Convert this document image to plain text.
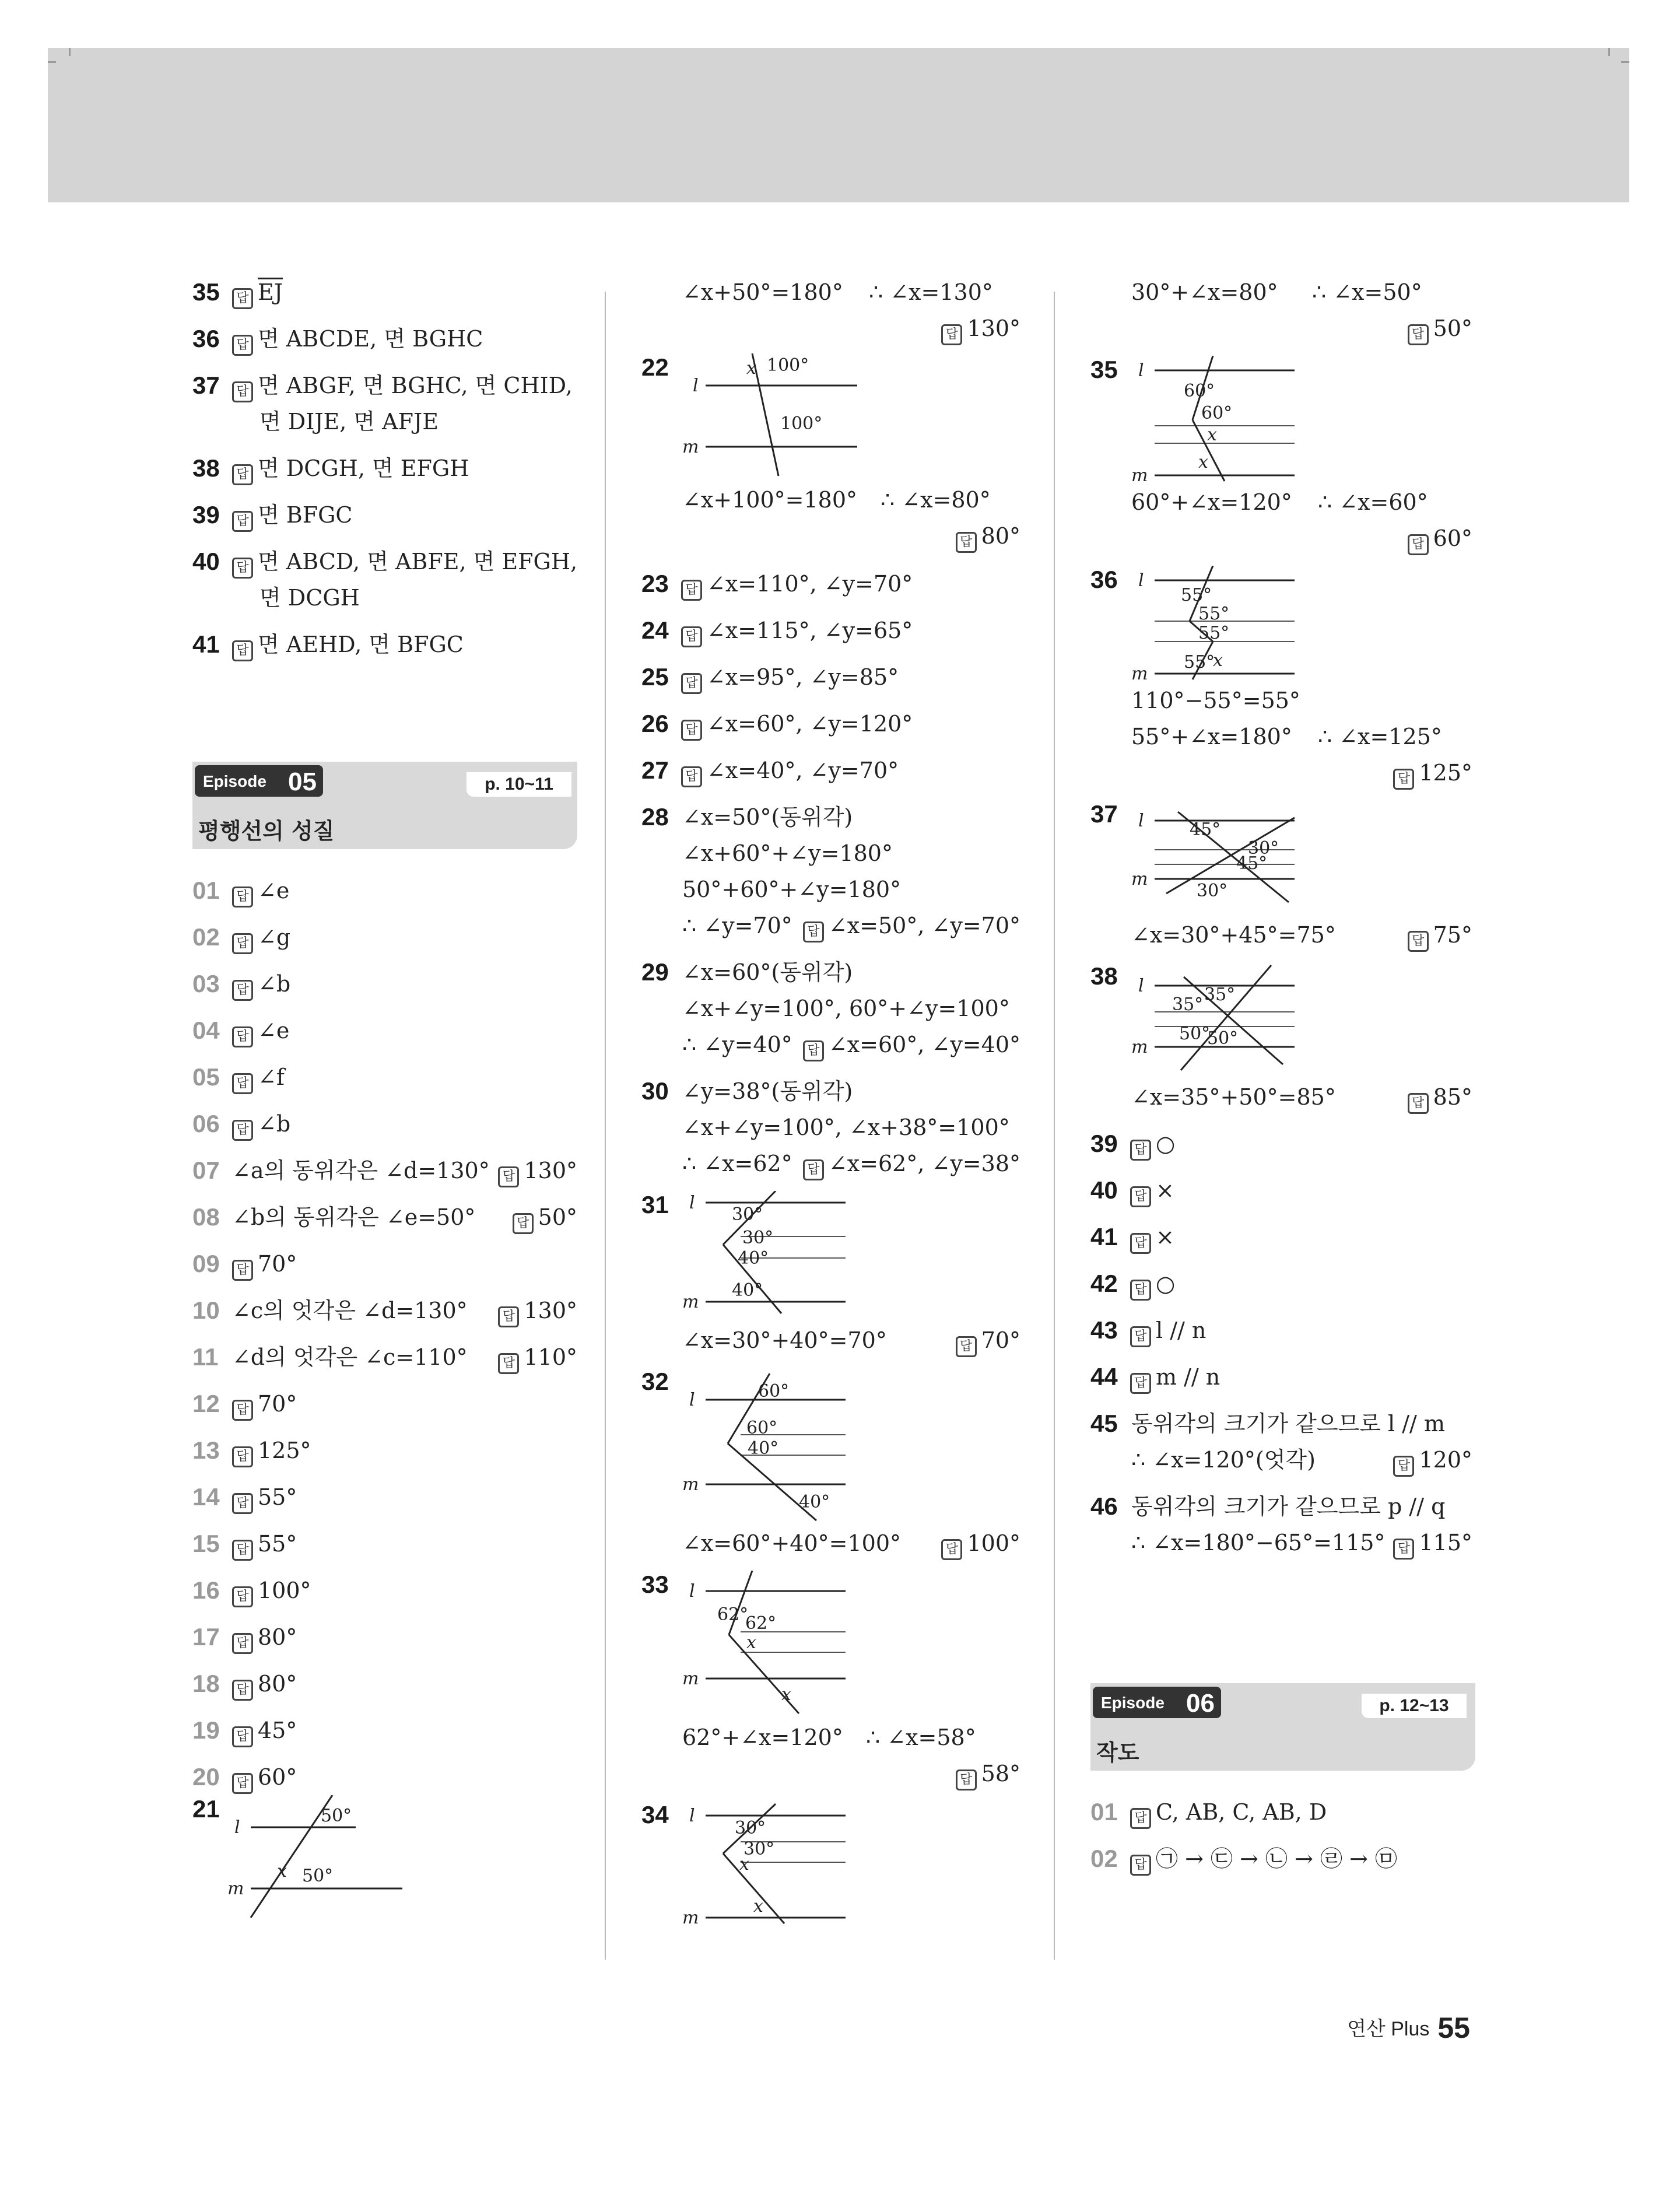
35	답 $\overline{EJ}$
36	답 면 ABCDE, 면 BGHC
37	답 면 ABGF, 면 BGHC, 면 CHID,
면 DIJE, 면 AFJE
38	답 면 DCGH, 면 EFGH
39	답 면 BFGC
40	답 면 ABCD, 면 ABFE, 면 EFGH,
면 DCGH
41	답 면 AEHD, 면 BFGC
Episode 05	p. 10~11
평행선의 성질
01	답 ∠e
02	답 ∠g
03	답 ∠b
04	답 ∠e
05	답 ∠f
06	답 ∠b
07 ∠a의 동위각은 ∠d=130°	답 130°
08 ∠b의 동위각은 ∠e=50°	답 50°
09	답 70°
10 ∠c의 엇각은 ∠d=130°	답 130°
11 ∠d의 엇각은 ∠c=110°	답 110°
12	답 70°
13	답 125°
14	답 55°
15	답 55°
16	답 100°
17	답 80°
18	답 80°
19	답 45°
20	답 60°
21
l
m
50°
x 50°
∠x+50°=180° ∴ ∠x=130°
답 130°
22
l
m
x 100°
100°
∠x+100°=180° ∴ ∠x=80°
답 80°
23	답 ∠x=110°, ∠y=70°
24	답 ∠x=115°, ∠y=65°
25	답 ∠x=95°, ∠y=85°
26	답 ∠x=60°, ∠y=120°
27	답 ∠x=40°, ∠y=70°
28 ∠x=50°(동위각)
∠x+60°+∠y=180°
50°+60°+∠y=180°
∴ ∠y=70°	답 ∠x=50°, ∠y=70°
29 ∠x=60°(동위각)
∠x+∠y=100°, 60°+∠y=100°
∴ ∠y=40°	답 ∠x=60°, ∠y=40°
30 ∠y=38°(동위각)
∠x+∠y=100°, ∠x+38°=100°
∴ ∠x=62°	답 ∠x=62°, ∠y=38°
31 l
m
30°
30°
40°
40°
∠x=30°+40°=70°	답 70°
32
l
m
60°
60°
40°
40°
∠x=60°+40°=100°	답 100°
33 l
m
62°
62°
x
x
62°+∠x=120° ∴ ∠x=58°
답 58°
34 l
m
30°
30°
x
x
30°+∠x=80° ∴ ∠x=50°
답 50°
35 l
m
60°
60°
x
x
60°+∠x=120° ∴ ∠x=60°
답 60°
36 l
m
55°
55°
55°
55°
x
110°−55°=55°
55°+∠x=180° ∴ ∠x=125°
답 125°
37 l
m
45°
30°
45°
30°
∠x=30°+45°=75°	답 75°
38 l
m
35° 35°
50°
50°
∠x=35°+50°=85°	답 85°
39	답 ○
40	답 ×
41	답 ×
42	답 ○
43	답 l // n
44	답 m // n
45 동위각의 크기가 같으므로 l // m
∴ ∠x=120°(엇각)	답 120°
46 동위각의 크기가 같으므로 p // q
∴ ∠x=180°−65°=115° 답 115°
Episode 06	p. 12~13
작도
01	답 C, AB, C, AB, D
02	답 ㉠ → ㉢ → ㉡ → ㉣ → ㉤
연산 Plus 55
